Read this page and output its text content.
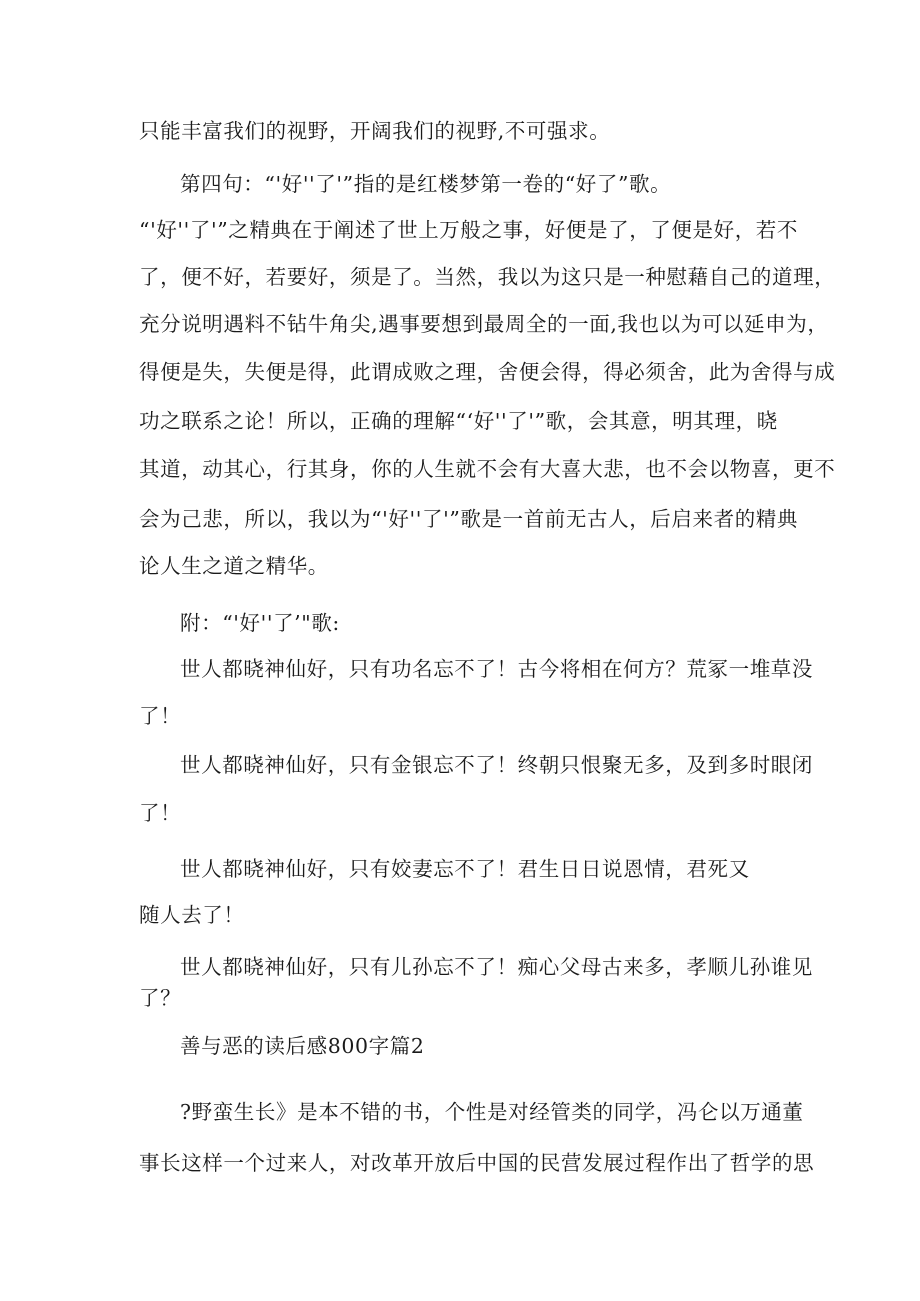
只能丰富我们的视野，开阔我们的视野,不可强求。
第四句：“'好''了'”指的是红楼梦第一卷的“好了”歌。
“'好''了'”之精典在于阐述了世上万般之事，好便是了，了便是好，若不
了，便不好，若要好，须是了。当然，我以为这只是一种慰藉自己的道理，
充分说明遇料不钻牛角尖,遇事要想到最周全的一面,我也以为可以延申为，
得便是失，失便是得，此谓成败之理，舍便会得，得必须舍，此为舍得与成
功之联系之论！所以，正确的理解“‘好''了'”歌，会其意，明其理，晓
其道，动其心，行其身，你的人生就不会有大喜大悲，也不会以物喜，更不
会为己悲，所以，我以为“'好''了'”歌是一首前无古人，后启来者的精典
论人生之道之精华。
附：“'好''了’"歌:
世人都晓神仙好，只有功名忘不了！古今将相在何方？荒冢一堆草没
了！
世人都晓神仙好，只有金银忘不了！终朝只恨聚无多，及到多时眼闭
了！
世人都晓神仙好，只有姣妻忘不了！君生日日说恩情，君死又
随人去了！
世人都晓神仙好，只有儿孙忘不了！痴心父母古来多，孝顺儿孙谁见
了？
善与恶的读后感800字篇2
?野蛮生长》是本不错的书，个性是对经管类的同学，冯仑以万通董
事长这样一个过来人，对改革开放后中国的民营发展过程作出了哲学的思
